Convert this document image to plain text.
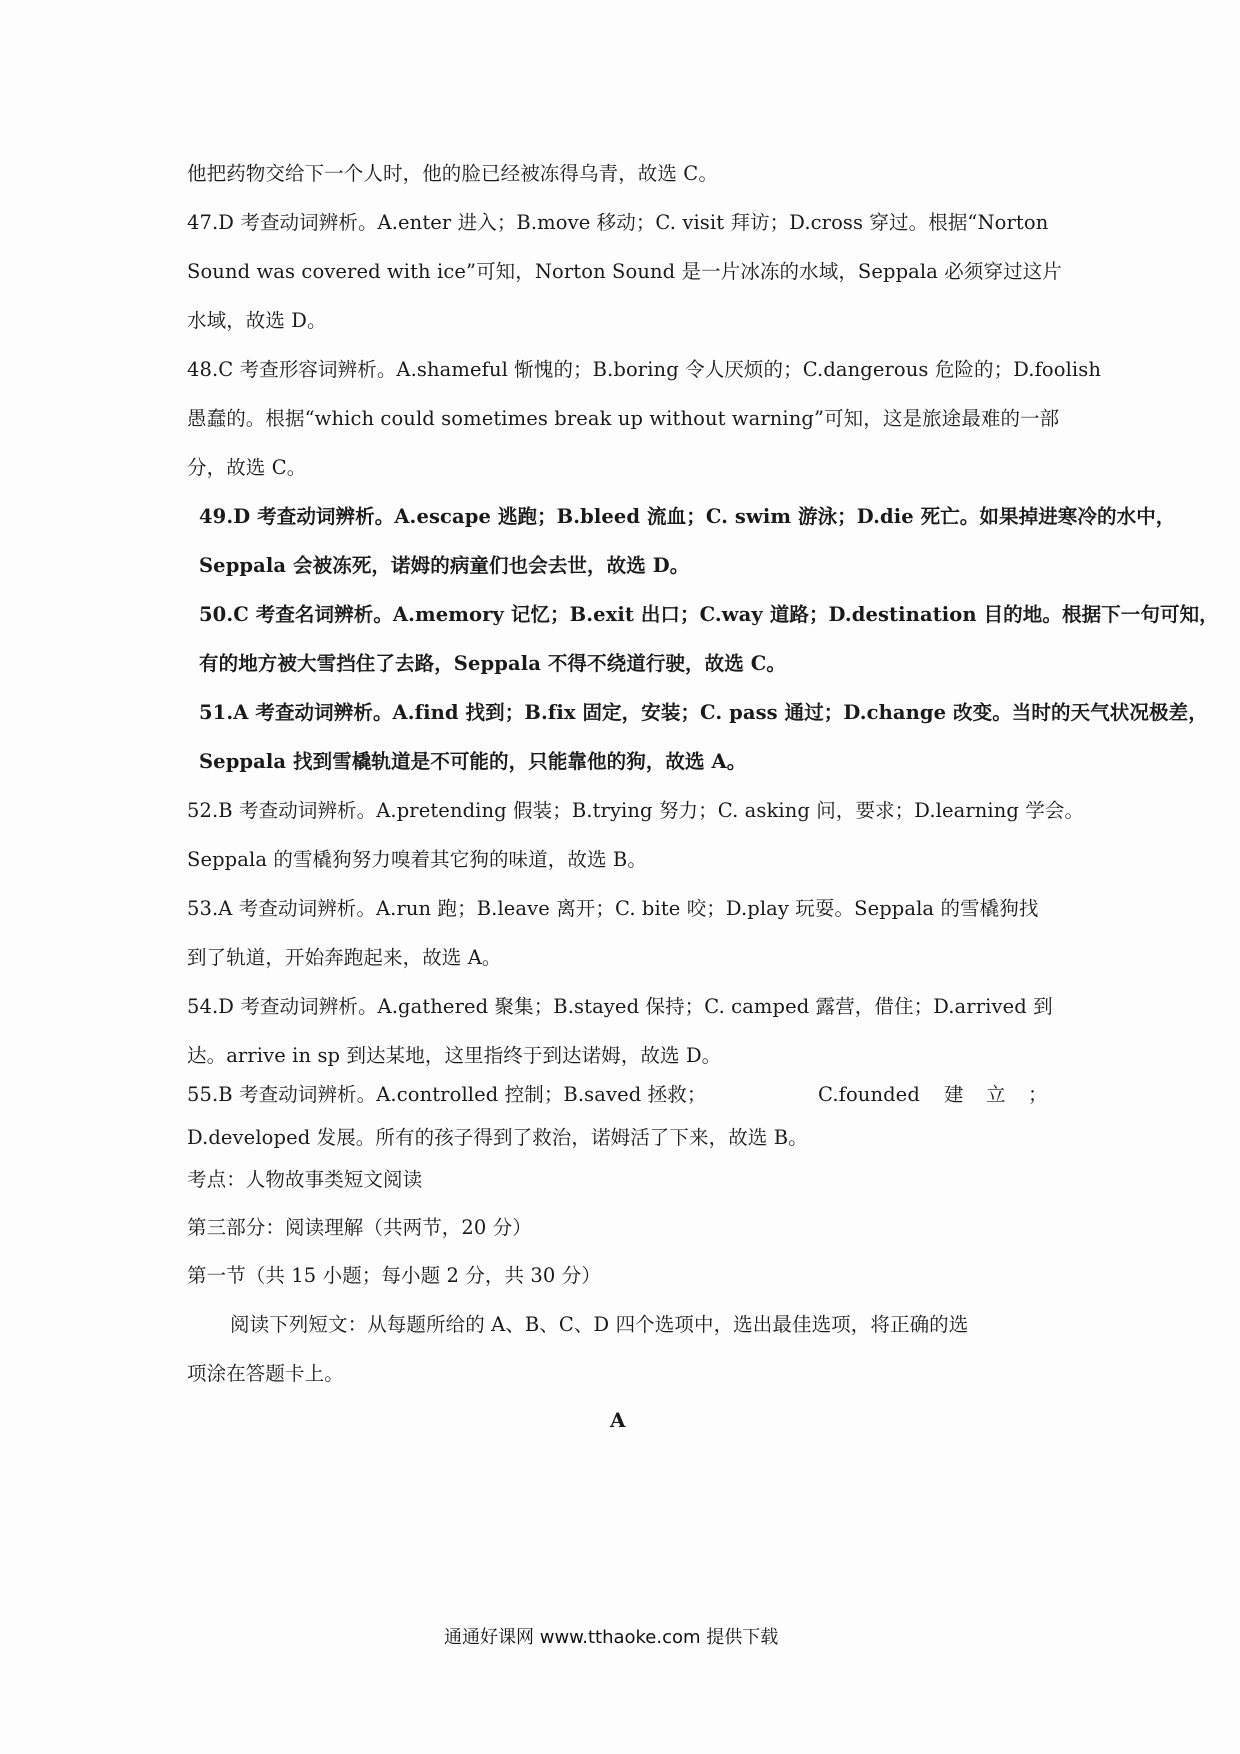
他把药物交给下一个人时，他的脸已经被冻得乌青，故选 C。
47.D 考查动词辨析。A.enter 进入；B.move 移动；C. visit 拜访；D.cross 穿过。根据“Norton
Sound was covered with ice”可知，Norton Sound 是一片冰冻的水域，Seppala 必须穿过这片
水域，故选 D。
48.C 考查形容词辨析。A.shameful 惭愧的；B.boring 令人厌烦的；C.dangerous 危险的；D.foolish
愚蠢的。根据“which could sometimes break up without warning”可知，这是旅途最难的一部
分，故选 C。
49.D 考查动词辨析。A.escape 逃跑；B.bleed 流血；C. swim 游泳；D.die 死亡。如果掉进寒冷的水中，
Seppala 会被冻死，诺姆的病童们也会去世，故选 D。
50.C 考查名词辨析。A.memory 记忆；B.exit 出口；C.way 道路；D.destination 目的地。根据下一句可知，
有的地方被大雪挡住了去路，Seppala 不得不绕道行驶，故选 C。
51.A 考查动词辨析。A.find 找到；B.fix 固定，安装；C. pass 通过；D.change 改变。当时的天气状况极差，
Seppala 找到雪橇轨道是不可能的，只能靠他的狗，故选 A。
52.B 考查动词辨析。A.pretending 假装；B.trying 努力；C. asking 问，要求；D.learning 学会。
Seppala 的雪橇狗努力嗅着其它狗的味道，故选 B。
53.A 考查动词辨析。A.run 跑；B.leave 离开；C. bite 咬；D.play 玩耍。Seppala 的雪橇狗找
到了轨道，开始奔跑起来，故选 A。
54.D 考查动词辨析。A.gathered 聚集；B.stayed 保持；C. camped 露营，借住；D.arrived 到
达。arrive in sp 到达某地，这里指终于到达诺姆，故选 D。
55.B 考查动词辨析。A.controlled 控制；B.saved 拯救；	C.founded 建 立 ；
D.developed 发展。所有的孩子得到了救治，诺姆活了下来，故选 B。
考点：人物故事类短文阅读
第三部分：阅读理解（共两节，20 分）
第一节（共 15 小题；每小题 2 分，共 30 分）
阅读下列短文：从每题所给的 A、B、C、D 四个选项中，选出最佳选项，将正确的选
项涂在答题卡上。
A
通通好课网 www.tthaoke.com 提供下载
